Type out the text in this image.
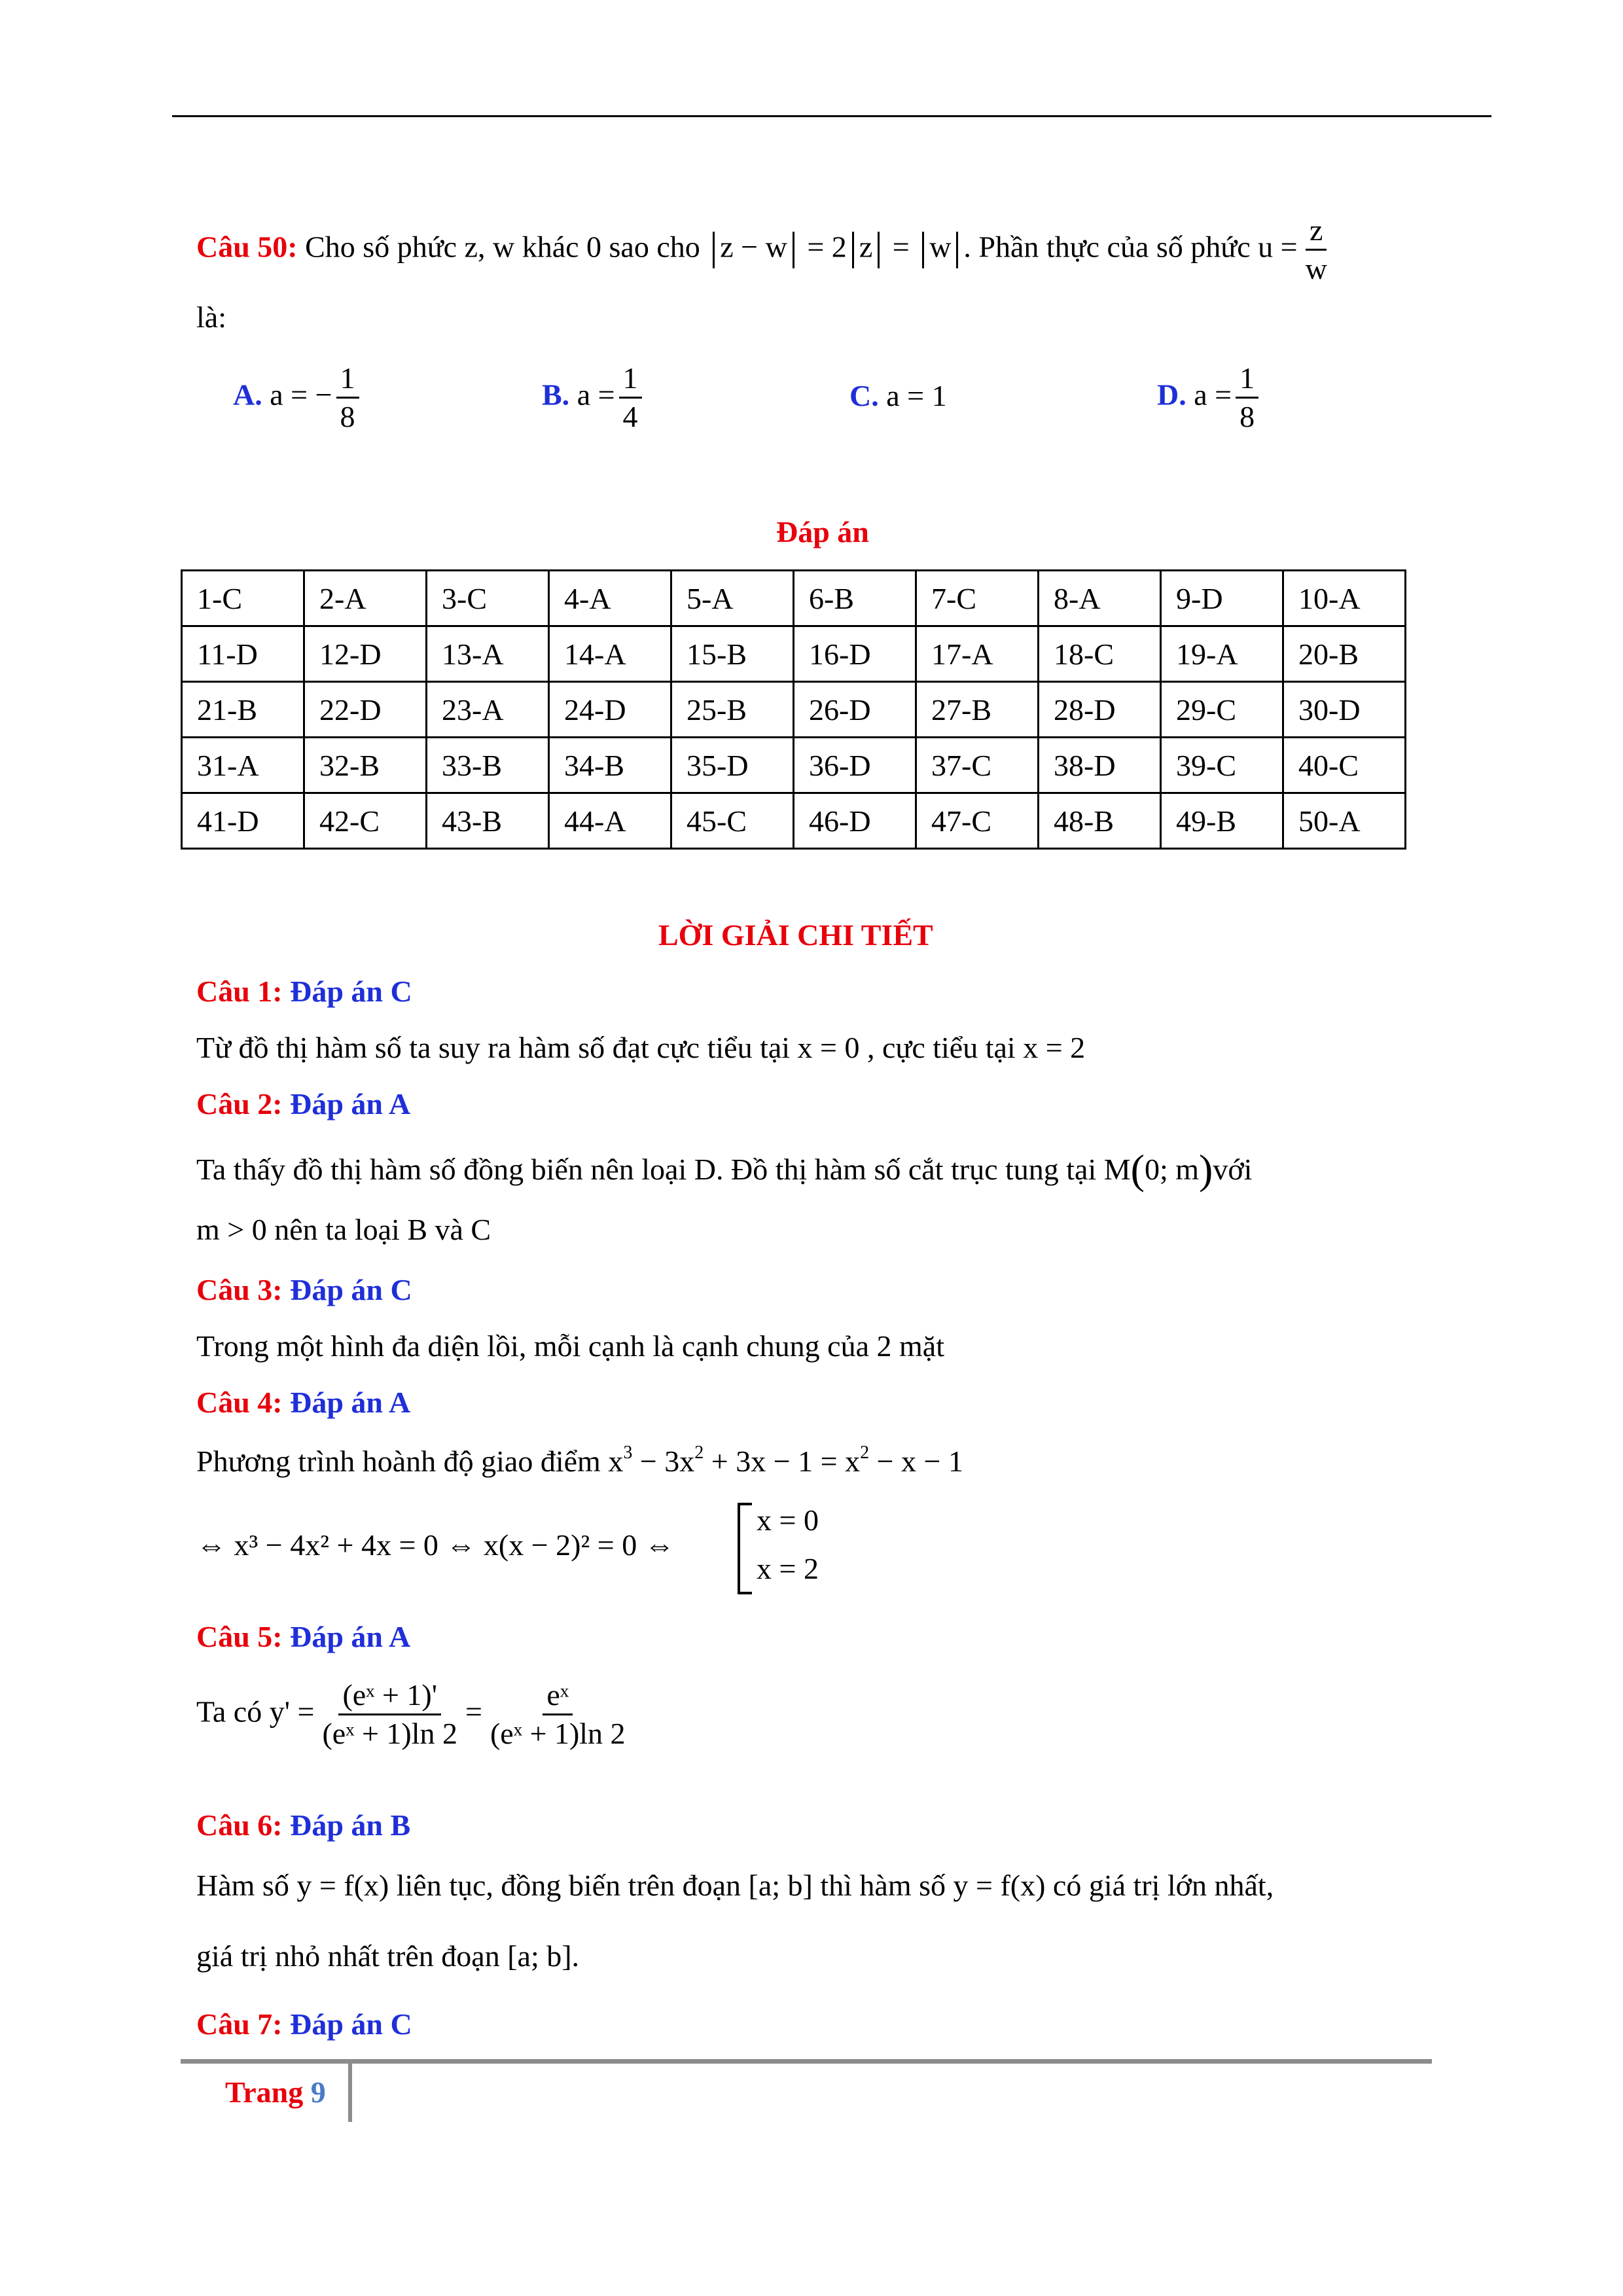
Câu 50: Cho số phức z, w khác 0 sao cho z − w = 2 z = w . Phần thực của số phức $u = \frac{z}{w}$
là:
A. a = − $\frac{1}{8}$	B. $a = \frac{1}{4}$	C. a = 1	D. $a = \frac{1}{8}$
Đáp án
1-C	2-A	3-C	4-A	5-A	6-B	7-C	8-A	9-D	10-A
11-D	12-D	13-A	14-A	15-B	16-D	17-A	18-C	19-A	20-B
21-B	22-D	23-A	24-D	25-B	26-D	27-B	28-D	29-C	30-D
31-A	32-B	33-B	34-B	35-D	36-D	37-C	38-D	39-C	40-C
41-D	42-C	43-B	44-A	45-C	46-D	47-C	48-B	49-B	50-A
LỜI GIẢI CHI TIẾT
Câu 1: Đáp án C
Từ đồ thị hàm số ta suy ra hàm số đạt cực tiểu tại x = 0 , cực tiểu tại x = 2
Câu 2: Đáp án A
Ta thấy đồ thị hàm số đồng biến nên loại D. Đồ thị hàm số cắt trục tung tại M(0; m)với
m > 0 nên ta loại B và C
Câu 3: Đáp án C
Trong một hình đa diện lồi, mỗi cạnh là cạnh chung của 2 mặt
Câu 4: Đáp án A
Phương trình hoành độ giao điểm $x^3 - 3x^2 + 3x - 1 = x^2 - x - 1$
⇔ x³ − 4x² + 4x = 0 ⇔ x(x − 2)² = 0 ⇔
x = 0
x = 2
Câu 5: Đáp án A
Ta có $y' = \frac{\text{(eˣ + 1)'}}{\text{(eˣ + 1)ln 2}} = \frac{\text{eˣ}}{\text{(eˣ + 1)ln 2}}$
Câu 6: Đáp án B
Hàm số y = f(x) liên tục, đồng biến trên đoạn [a; b] thì hàm số y = f(x) có giá trị lớn nhất,
giá trị nhỏ nhất trên đoạn [a; b].
Câu 7: Đáp án C
Trang 9
